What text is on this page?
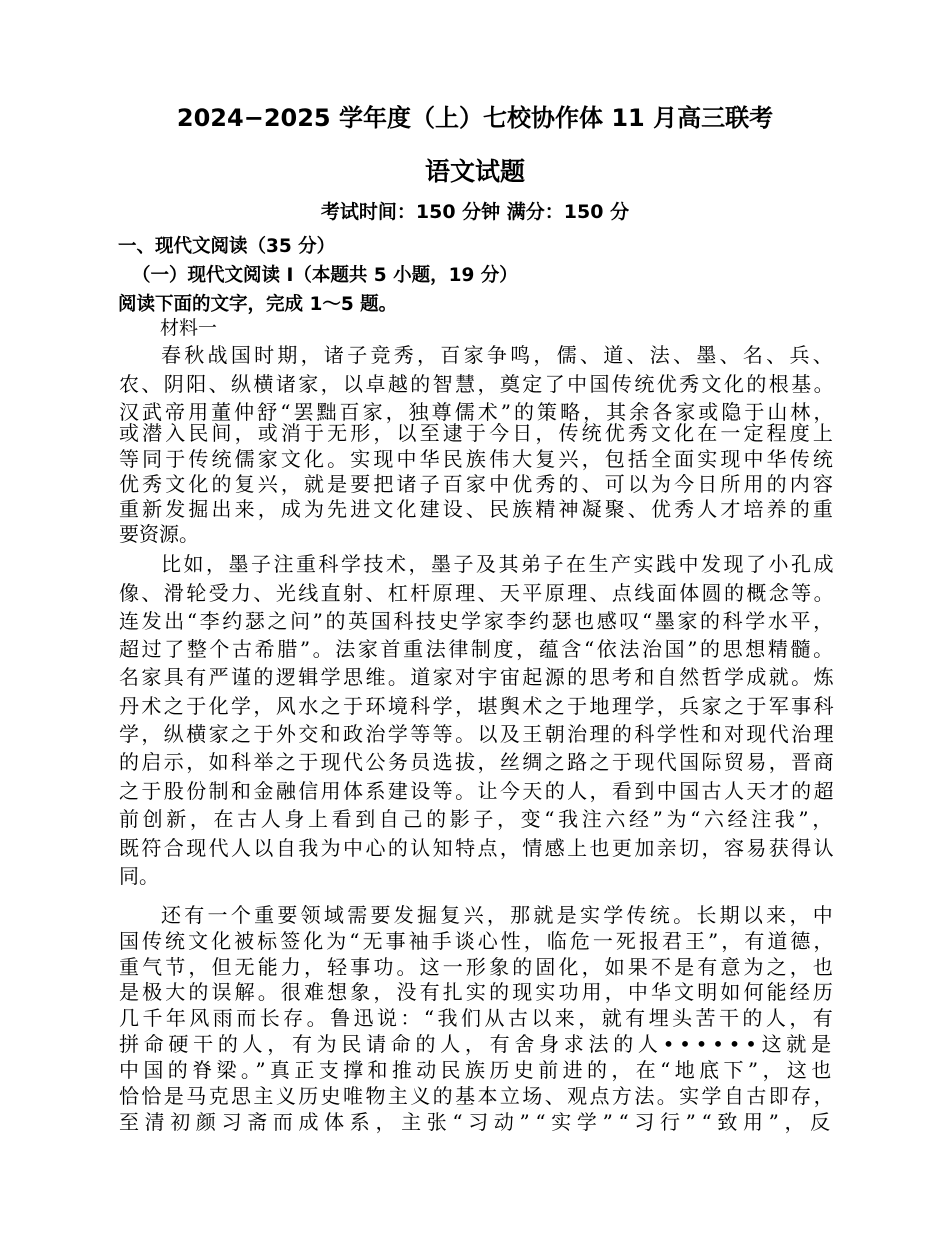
2024−2025 学年度（上）七校协作体 11 月高三联考
语文试题
考试时间：150 分钟 满分：150 分
一、现代文阅读（35 分）
（一）现代文阅读 I（本题共 5 小题，19 分）
阅读下面的文字，完成 1～5 题。
材料一
春秋战国时期，诸子竞秀，百家争鸣，儒、道、法、墨、名、兵、
农、阴阳、纵横诸家，以卓越的智慧，奠定了中国传统优秀文化的根基。
汉武帝用董仲舒“罢黜百家，独尊儒术”的策略，其余各家或隐于山林，
或潜入民间，或消于无形，以至逮于今日，传统优秀文化在一定程度上
等同于传统儒家文化。实现中华民族伟大复兴，包括全面实现中华传统
优秀文化的复兴，就是要把诸子百家中优秀的、可以为今日所用的内容
重新发掘出来，成为先进文化建设、民族精神凝聚、优秀人才培养的重
要资源。
比如，墨子注重科学技术，墨子及其弟子在生产实践中发现了小孔成
像、滑轮受力、光线直射、杠杆原理、天平原理、点线面体圆的概念等。
连发出“李约瑟之问”的英国科技史学家李约瑟也感叹“墨家的科学水平，
超过了整个古希腊”。法家首重法律制度，蕴含“依法治国”的思想精髓。
名家具有严谨的逻辑学思维。道家对宇宙起源的思考和自然哲学成就。炼
丹术之于化学，风水之于环境科学，堪舆术之于地理学，兵家之于军事科
学，纵横家之于外交和政治学等等。以及王朝治理的科学性和对现代治理
的启示，如科举之于现代公务员选拔，丝绸之路之于现代国际贸易，晋商
之于股份制和金融信用体系建设等。让今天的人，看到中国古人天才的超
前创新，在古人身上看到自己的影子，变“我注六经”为“六经注我”，
既符合现代人以自我为中心的认知特点，情感上也更加亲切，容易获得认
同。
还有一个重要领域需要发掘复兴，那就是实学传统。长期以来，中
国传统文化被标签化为“无事袖手谈心性，临危一死报君王”，有道德，
重气节，但无能力，轻事功。这一形象的固化，如果不是有意为之，也
是极大的误解。很难想象，没有扎实的现实功用，中华文明如何能经历
几千年风雨而长存。鲁迅说：“我们从古以来，就有埋头苦干的人，有
拼命硬干的人，有为民请命的人，有舍身求法的人••••••这就是
中国的脊梁。”真正支撑和推动民族历史前进的，在“地底下”，这也
恰恰是马克思主义历史唯物主义的基本立场、观点方法。实学自古即存，
至清初颜习斋而成体系，主张“习动”“实学”“习行”“致用”，反
